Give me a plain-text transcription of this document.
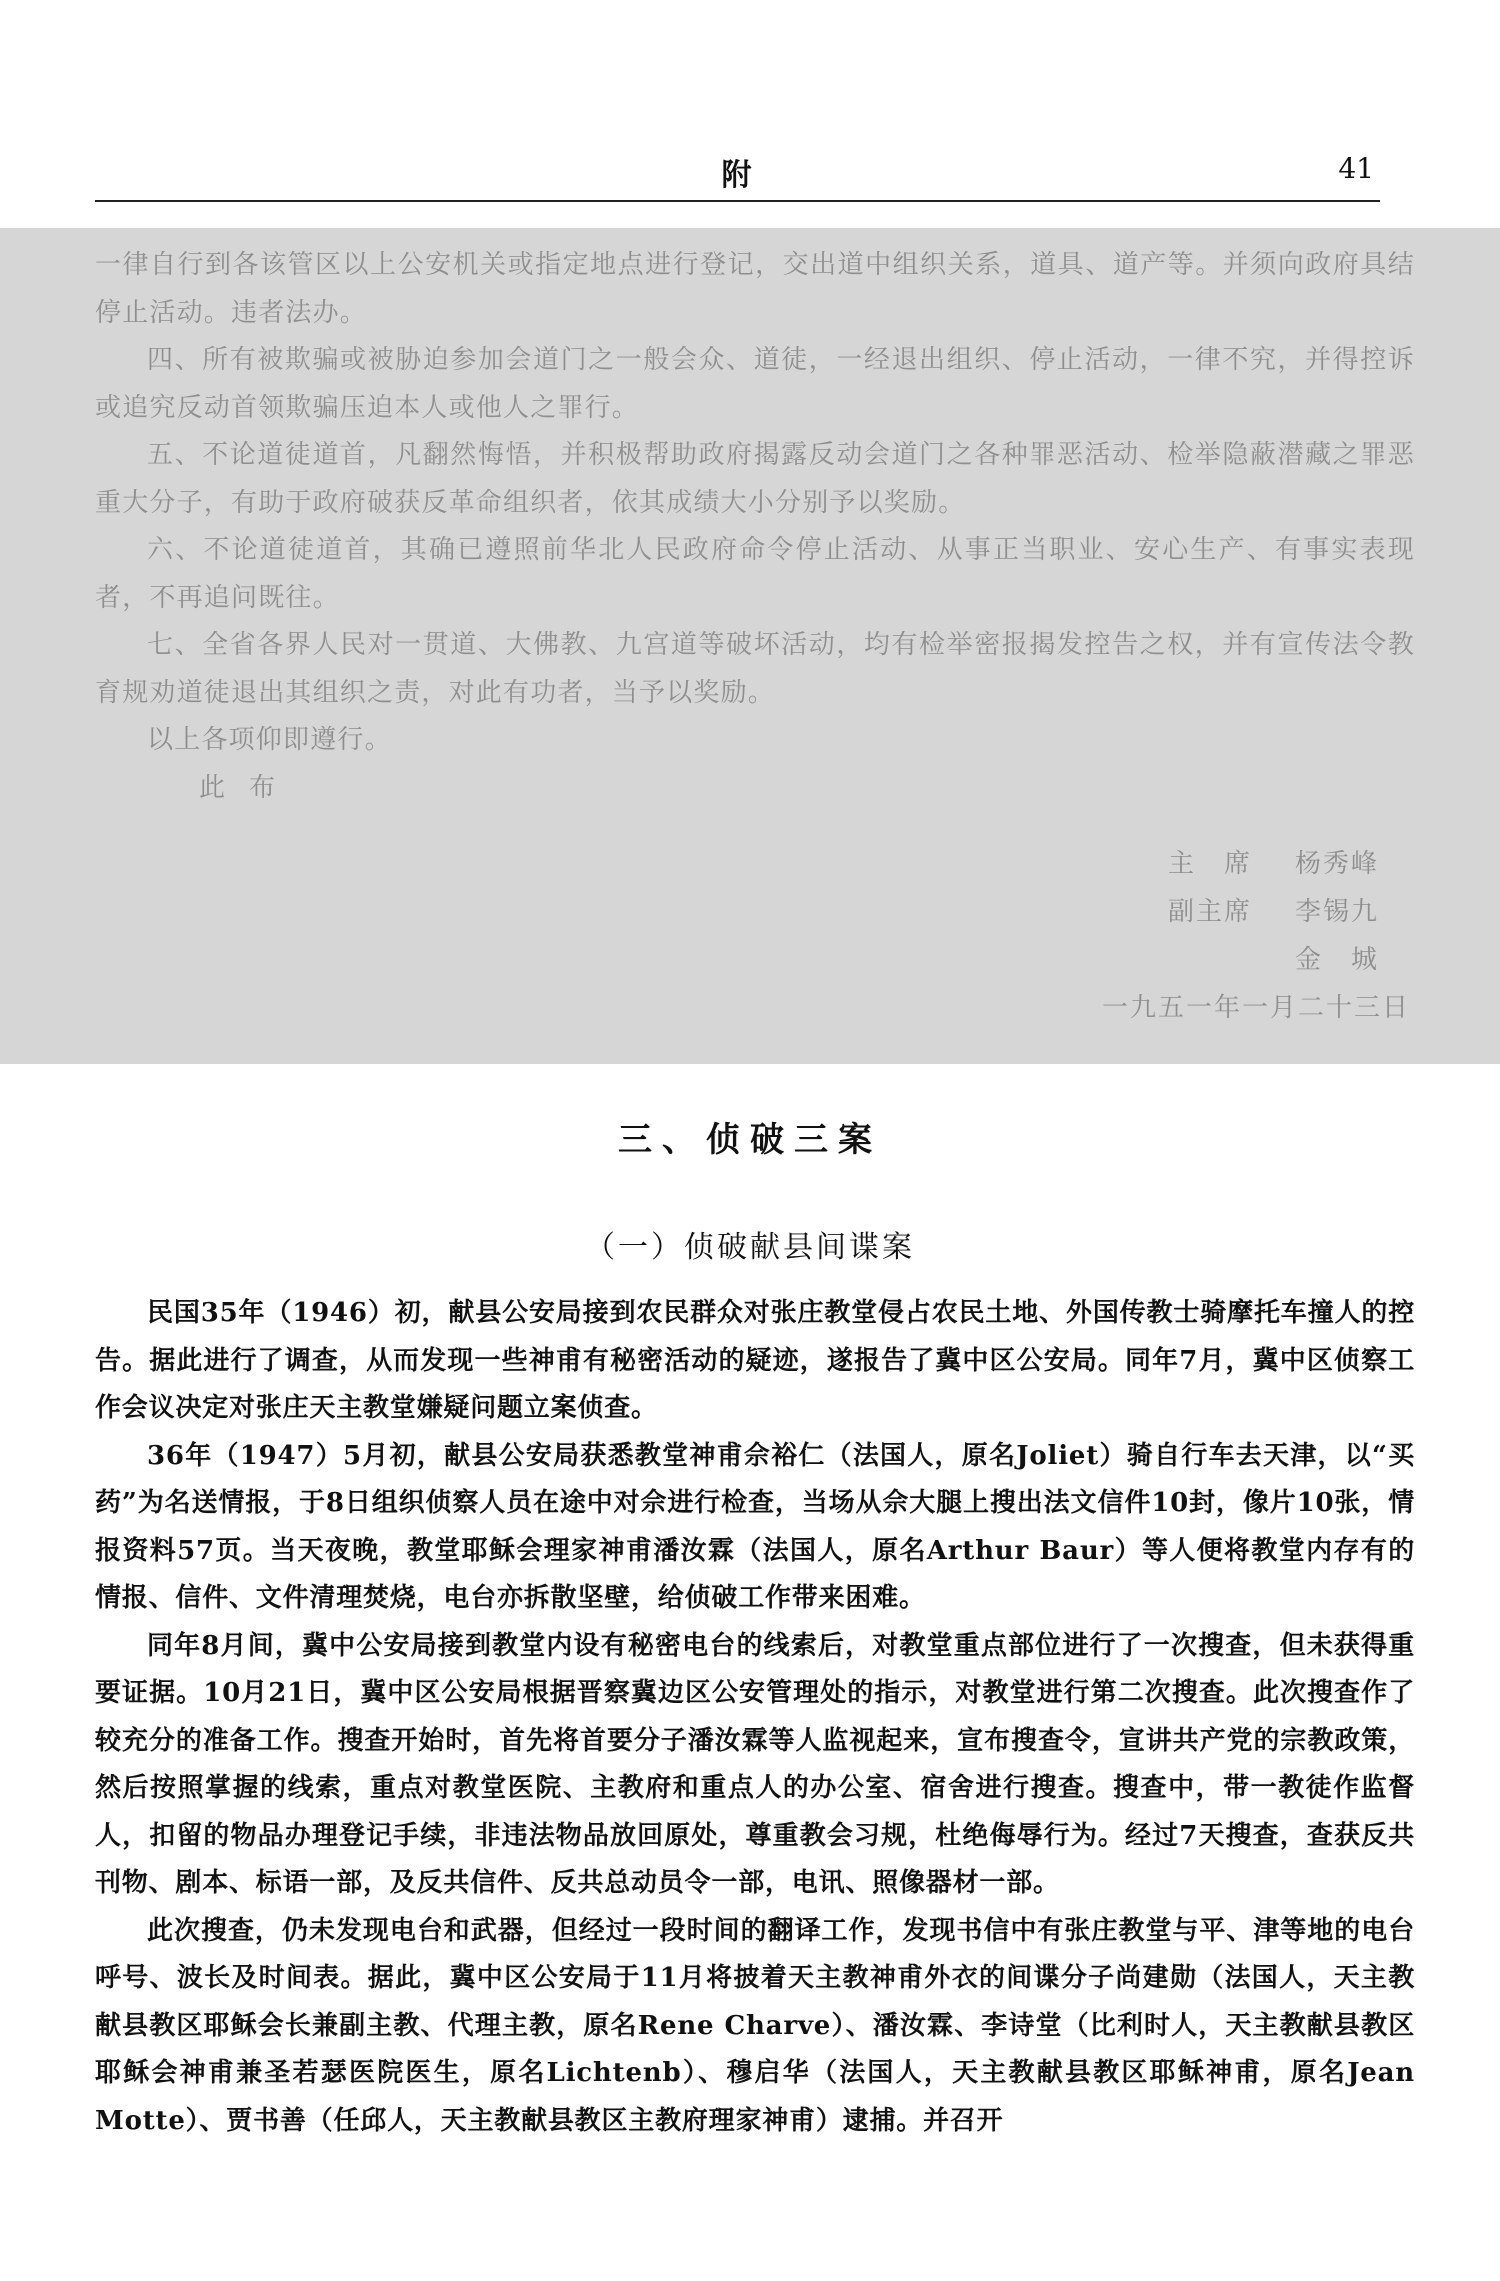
附	41

一律自行到各该管区以上公安机关或指定地点进行登记，交出道中组织关系，道具、道产等。并须向政府具结停止活动。违者法办。

四、所有被欺骗或被胁迫参加会道门之一般会众、道徒，一经退出组织、停止活动，一律不究，并得控诉或追究反动首领欺骗压迫本人或他人之罪行。

五、不论道徒道首，凡翻然悔悟，并积极帮助政府揭露反动会道门之各种罪恶活动、检举隐蔽潜藏之罪恶重大分子，有助于政府破获反革命组织者，依其成绩大小分别予以奖励。

六、不论道徒道首，其确已遵照前华北人民政府命令停止活动、从事正当职业、安心生产、有事实表现者，不再追问既往。

七、全省各界人民对一贯道、大佛教、九宫道等破坏活动，均有检举密报揭发控告之权，并有宣传法令教育规劝道徒退出其组织之责，对此有功者，当予以奖励。

以上各项仰即遵行。

此布

主　席	杨秀峰
副主席	李锡九
金　城
一九五一年一月二十三日
三、侦破三案
（一）侦破献县间谍案

民国35年（1946）初，献县公安局接到农民群众对张庄教堂侵占农民土地、外国传教士骑摩托车撞人的控告。据此进行了调查，从而发现一些神甫有秘密活动的疑迹，遂报告了冀中区公安局。同年7月，冀中区侦察工作会议决定对张庄天主教堂嫌疑问题立案侦查。

36年（1947）5月初，献县公安局获悉教堂神甫佘裕仁（法国人，原名Joliet）骑自行车去天津，以“买药”为名送情报，于8日组织侦察人员在途中对佘进行检查，当场从佘大腿上搜出法文信件10封，像片10张，情报资料57页。当天夜晚，教堂耶稣会理家神甫潘汝霖（法国人，原名Arthur Baur）等人便将教堂内存有的情报、信件、文件清理焚烧，电台亦拆散坚壁，给侦破工作带来困难。

同年8月间，冀中公安局接到教堂内设有秘密电台的线索后，对教堂重点部位进行了一次搜查，但未获得重要证据。10月21日，冀中区公安局根据晋察冀边区公安管理处的指示，对教堂进行第二次搜查。此次搜查作了较充分的准备工作。搜查开始时，首先将首要分子潘汝霖等人监视起来，宣布搜查令，宣讲共产党的宗教政策，然后按照掌握的线索，重点对教堂医院、主教府和重点人的办公室、宿舍进行搜查。搜查中，带一教徒作监督人，扣留的物品办理登记手续，非违法物品放回原处，尊重教会习规，杜绝侮辱行为。经过7天搜查，查获反共刊物、剧本、标语一部，及反共信件、反共总动员令一部，电讯、照像器材一部。

此次搜查，仍未发现电台和武器，但经过一段时间的翻译工作，发现书信中有张庄教堂与平、津等地的电台呼号、波长及时间表。据此，冀中区公安局于11月将披着天主教神甫外衣的间谍分子尚建勋（法国人，天主教献县教区耶稣会长兼副主教、代理主教，原名Rene Charve）、潘汝霖、李诗堂（比利时人，天主教献县教区耶稣会神甫兼圣若瑟医院医生，原名Lichtenb）、穆启华（法国人，天主教献县教区耶稣神甫，原名Jean Motte）、贾书善（任邱人，天主教献县教区主教府理家神甫）逮捕。并召开
